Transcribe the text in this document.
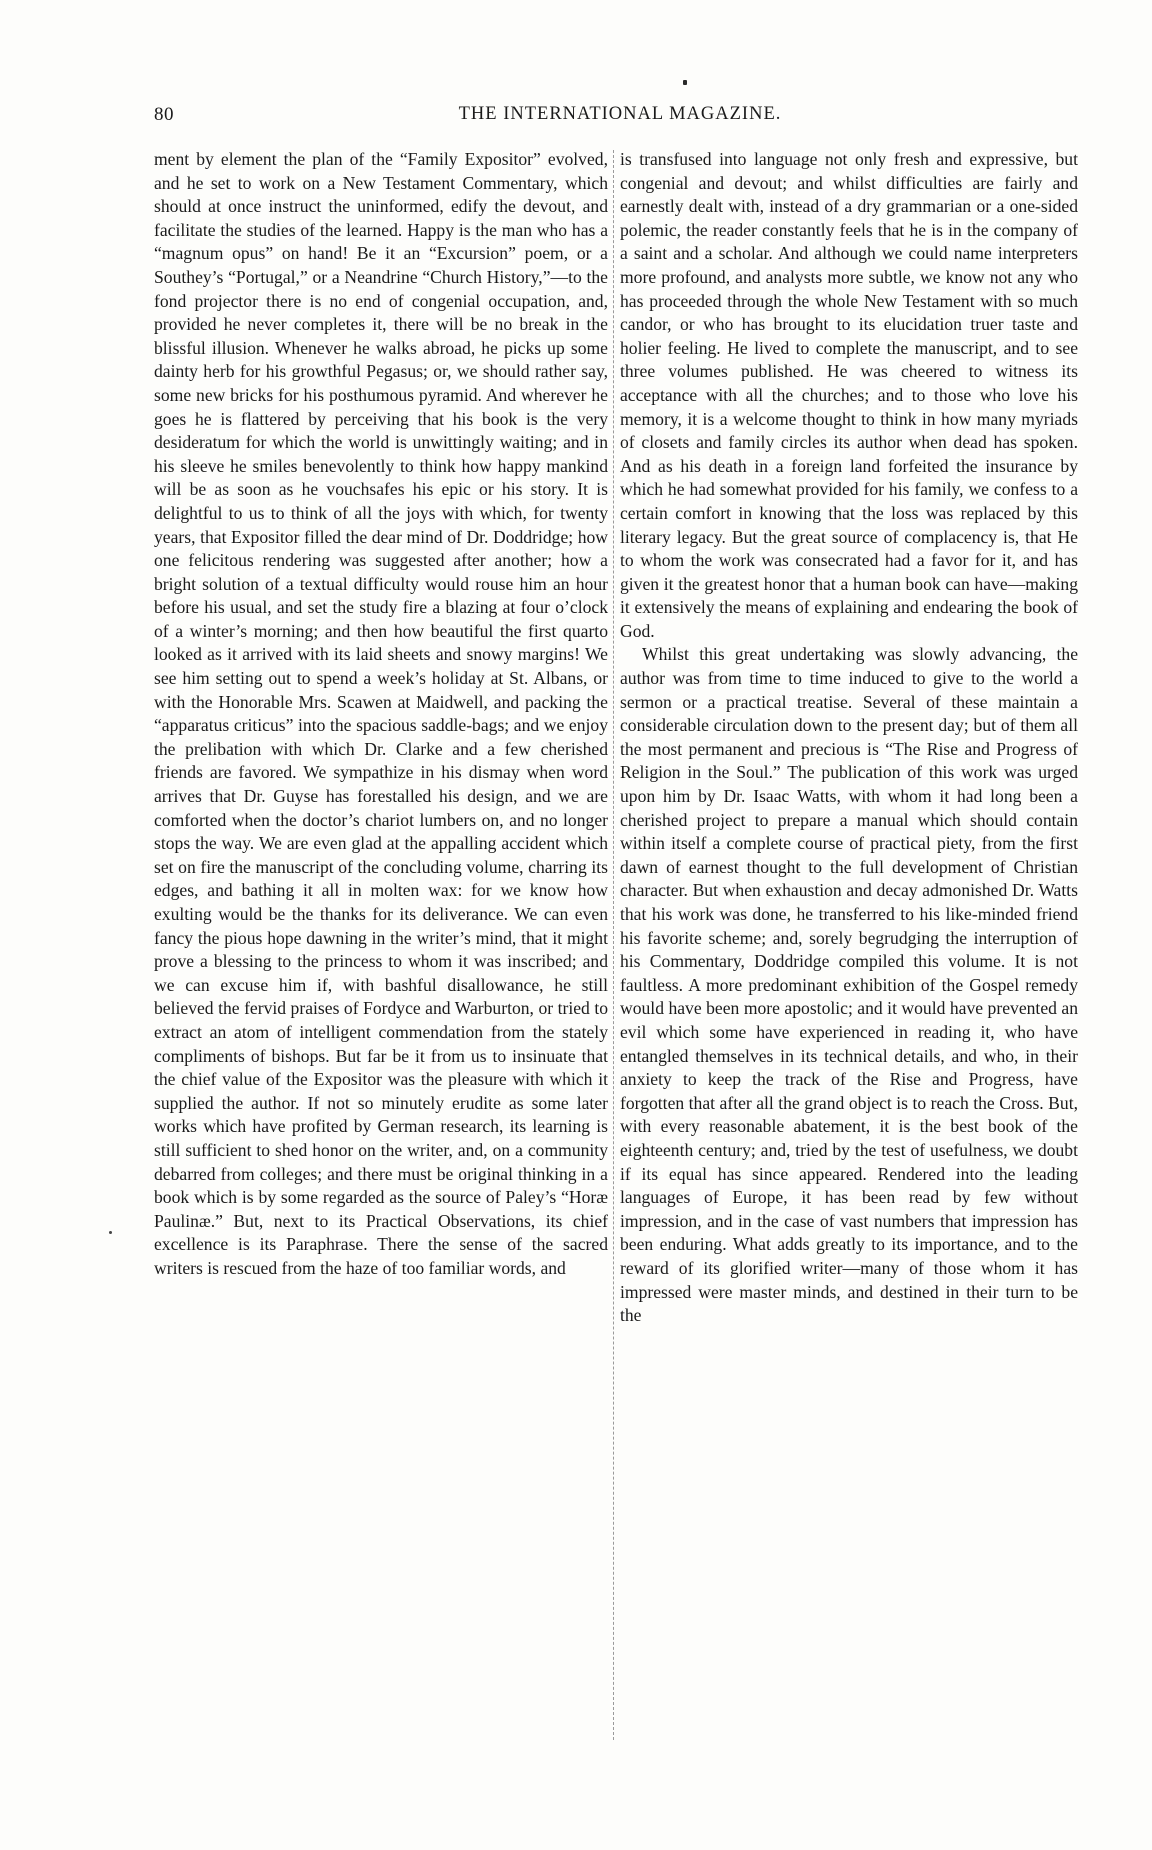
80	THE INTERNATIONAL MAGAZINE.

ment by element the plan of the “Family Expositor” evolved, and he set to work on a New Testament Commentary, which should at once instruct the uninformed, edify the devout, and facilitate the studies of the learned. Happy is the man who has a “magnum opus” on hand! Be it an “Excursion” poem, or a Southey’s “Portugal,” or a Neandrine “Church History,”—to the fond projector there is no end of congenial occupation, and, provided he never completes it, there will be no break in the blissful illusion. Whenever he walks abroad, he picks up some dainty herb for his growthful Pegasus; or, we should rather say, some new bricks for his posthumous pyramid. And wherever he goes he is flattered by perceiving that his book is the very desideratum for which the world is unwittingly waiting; and in his sleeve he smiles benevolently to think how happy mankind will be as soon as he vouchsafes his epic or his story. It is delightful to us to think of all the joys with which, for twenty years, that Expositor filled the dear mind of Dr. Doddridge; how one felicitous rendering was suggested after another; how a bright solution of a textual difficulty would rouse him an hour before his usual, and set the study fire a blazing at four o’clock of a winter’s morning; and then how beautiful the first quarto looked as it arrived with its laid sheets and snowy margins! We see him setting out to spend a week’s holiday at St. Albans, or with the Honorable Mrs. Scawen at Maidwell, and packing the “apparatus criticus” into the spacious saddle-bags; and we enjoy the prelibation with which Dr. Clarke and a few cherished friends are favored. We sympathize in his dismay when word arrives that Dr. Guyse has forestalled his design, and we are comforted when the doctor’s chariot lumbers on, and no longer stops the way. We are even glad at the appalling accident which set on fire the manuscript of the concluding volume, charring its edges, and bathing it all in molten wax: for we know how exulting would be the thanks for its deliverance. We can even fancy the pious hope dawning in the writer’s mind, that it might prove a blessing to the princess to whom it was inscribed; and we can excuse him if, with bashful disallowance, he still believed the fervid praises of Fordyce and Warburton, or tried to extract an atom of intelligent commendation from the stately compliments of bishops. But far be it from us to insinuate that the chief value of the Expositor was the pleasure with which it supplied the author. If not so minutely erudite as some later works which have profited by German research, its learning is still sufficient to shed honor on the writer, and, on a community debarred from colleges; and there must be original thinking in a book which is by some regarded as the source of Paley’s “Horæ Paulinæ.” But, next to its Practical Observations, its chief excellence is its Paraphrase. There the sense of the sacred writers is rescued from the haze of too familiar words, and

is transfused into language not only fresh and expressive, but congenial and devout; and whilst difficulties are fairly and earnestly dealt with, instead of a dry grammarian or a one-sided polemic, the reader constantly feels that he is in the company of a saint and a scholar. And although we could name interpreters more profound, and analysts more subtle, we know not any who has proceeded through the whole New Testament with so much candor, or who has brought to its elucidation truer taste and holier feeling. He lived to complete the manuscript, and to see three volumes published. He was cheered to witness its acceptance with all the churches; and to those who love his memory, it is a welcome thought to think in how many myriads of closets and family circles its author when dead has spoken. And as his death in a foreign land forfeited the insurance by which he had somewhat provided for his family, we confess to a certain comfort in knowing that the loss was replaced by this literary legacy. But the great source of complacency is, that He to whom the work was consecrated had a favor for it, and has given it the greatest honor that a human book can have—making it extensively the means of explaining and endearing the book of God.

Whilst this great undertaking was slowly advancing, the author was from time to time induced to give to the world a sermon or a practical treatise. Several of these maintain a considerable circulation down to the present day; but of them all the most permanent and precious is “The Rise and Progress of Religion in the Soul.” The publication of this work was urged upon him by Dr. Isaac Watts, with whom it had long been a cherished project to prepare a manual which should contain within itself a complete course of practical piety, from the first dawn of earnest thought to the full development of Christian character. But when exhaustion and decay admonished Dr. Watts that his work was done, he transferred to his like-minded friend his favorite scheme; and, sorely begrudging the interruption of his Commentary, Doddridge compiled this volume. It is not faultless. A more predominant exhibition of the Gospel remedy would have been more apostolic; and it would have prevented an evil which some have experienced in reading it, who have entangled themselves in its technical details, and who, in their anxiety to keep the track of the Rise and Progress, have forgotten that after all the grand object is to reach the Cross. But, with every reasonable abatement, it is the best book of the eighteenth century; and, tried by the test of usefulness, we doubt if its equal has since appeared. Rendered into the leading languages of Europe, it has been read by few without impression, and in the case of vast numbers that impression has been enduring. What adds greatly to its importance, and to the reward of its glorified writer—many of those whom it has impressed were master minds, and destined in their turn to be the
